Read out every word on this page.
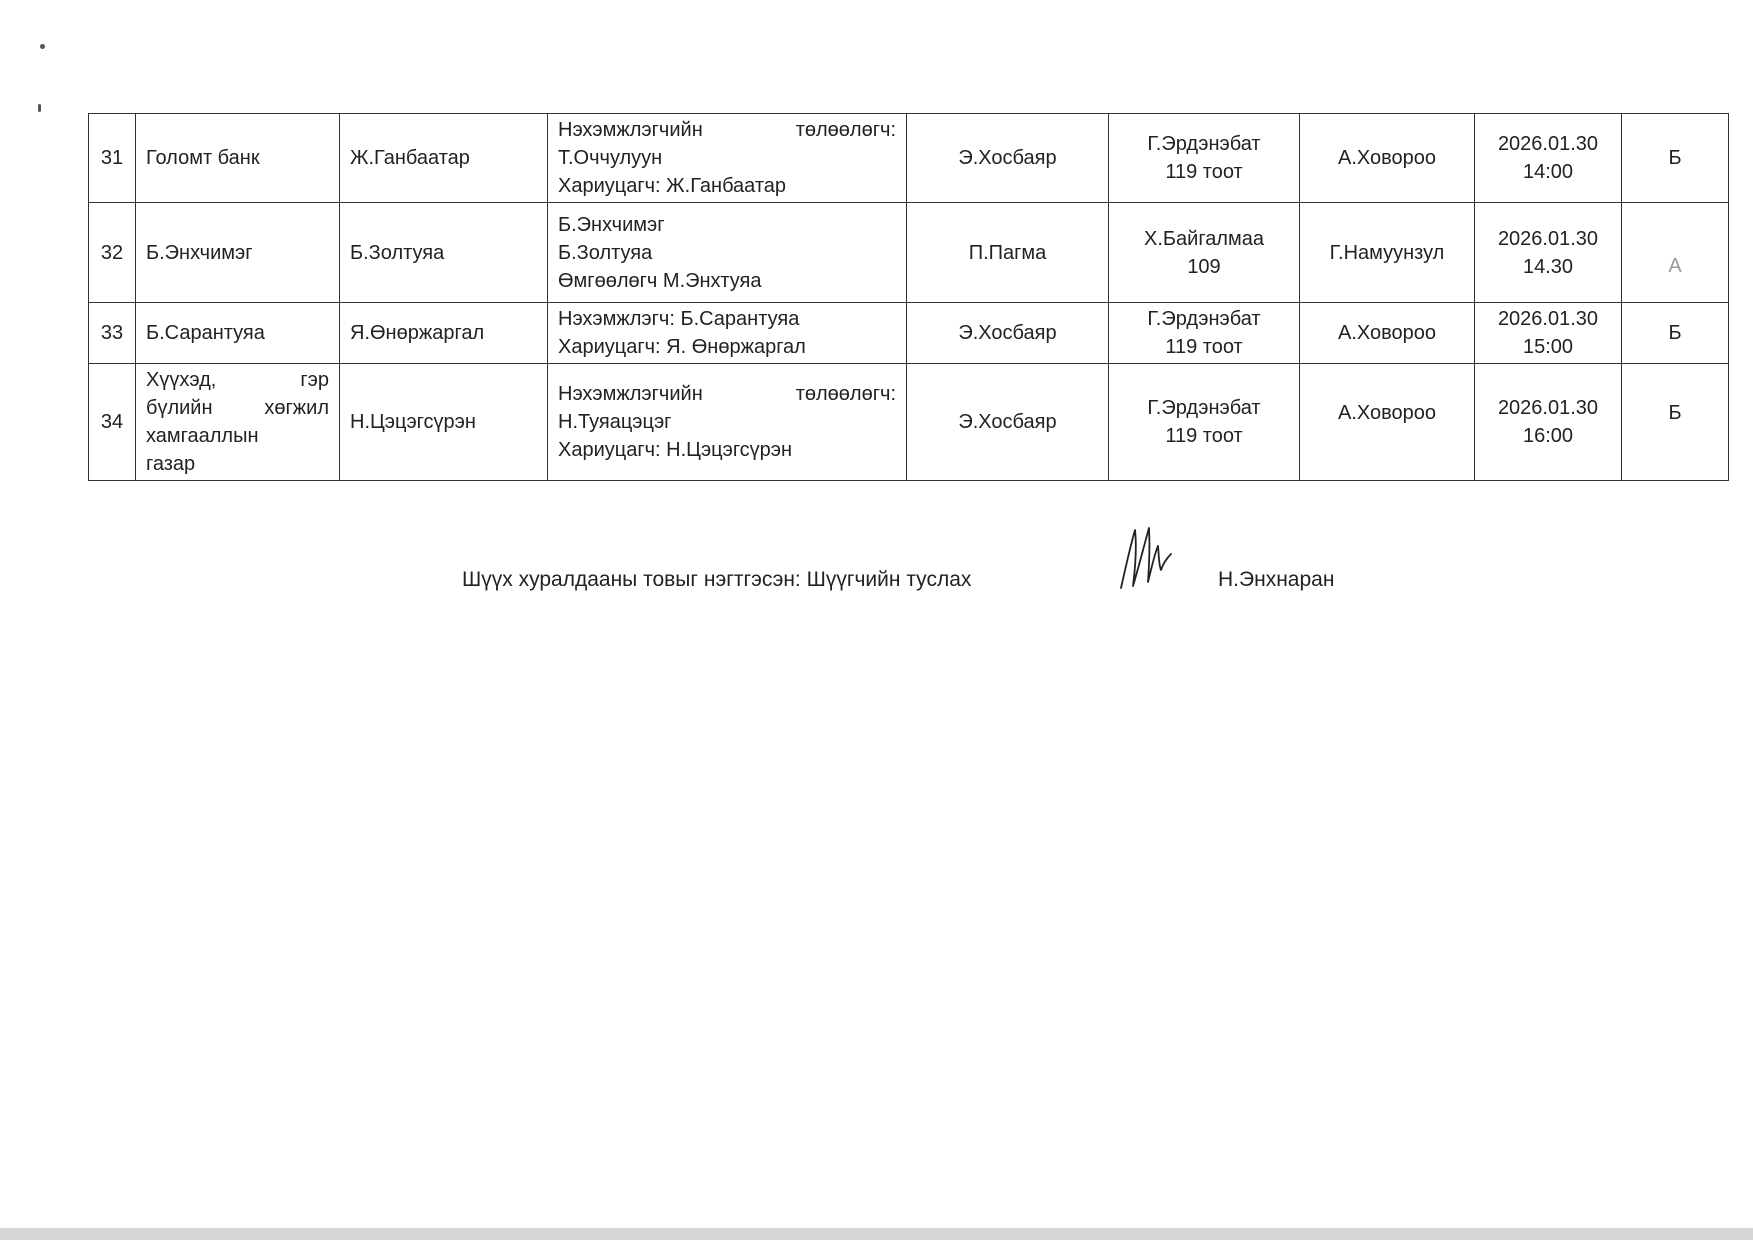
31	Голомт банк	Ж.Ганбаатар	Нэхэмжлэгчийн төлөөлөгч:
Т.Оччулуун
Хариуцагч: Ж.Ганбаатар	Э.Хосбаяр	Г.Эрдэнэбат
119 тоот	А.Ховороо	2026.01.30
14:00	Б
32	Б.Энхчимэг	Б.Золтуяа	Б.Энхчимэг
Б.Золтуяа
Өмгөөлөгч М.Энхтуяа	П.Пагма	Х.Байгалмаа
109	Г.Намуунзул	2026.01.30
14.30	А
33	Б.Сарантуяа	Я.Өнөржаргал	Нэхэмжлэгч: Б.Сарантуяа
Хариуцагч: Я. Өнөржаргал	Э.Хосбаяр	Г.Эрдэнэбат
119 тоот	А.Ховороо	2026.01.30
15:00	Б
34	Хүүхэд, гэр
бүлийн хөгжил
хамгааллын
газар	Н.Цэцэгсүрэн	Нэхэмжлэгчийн төлөөлөгч:
Н.Туяацэцэг
Хариуцагч: Н.Цэцэгсүрэн	Э.Хосбаяр	Г.Эрдэнэбат
119 тоот	А.Ховороо	2026.01.30
16:00	Б
Шүүх хуралдааны товыг нэгтгэсэн: Шүүгчийн туслах	Н.Энхнаран
